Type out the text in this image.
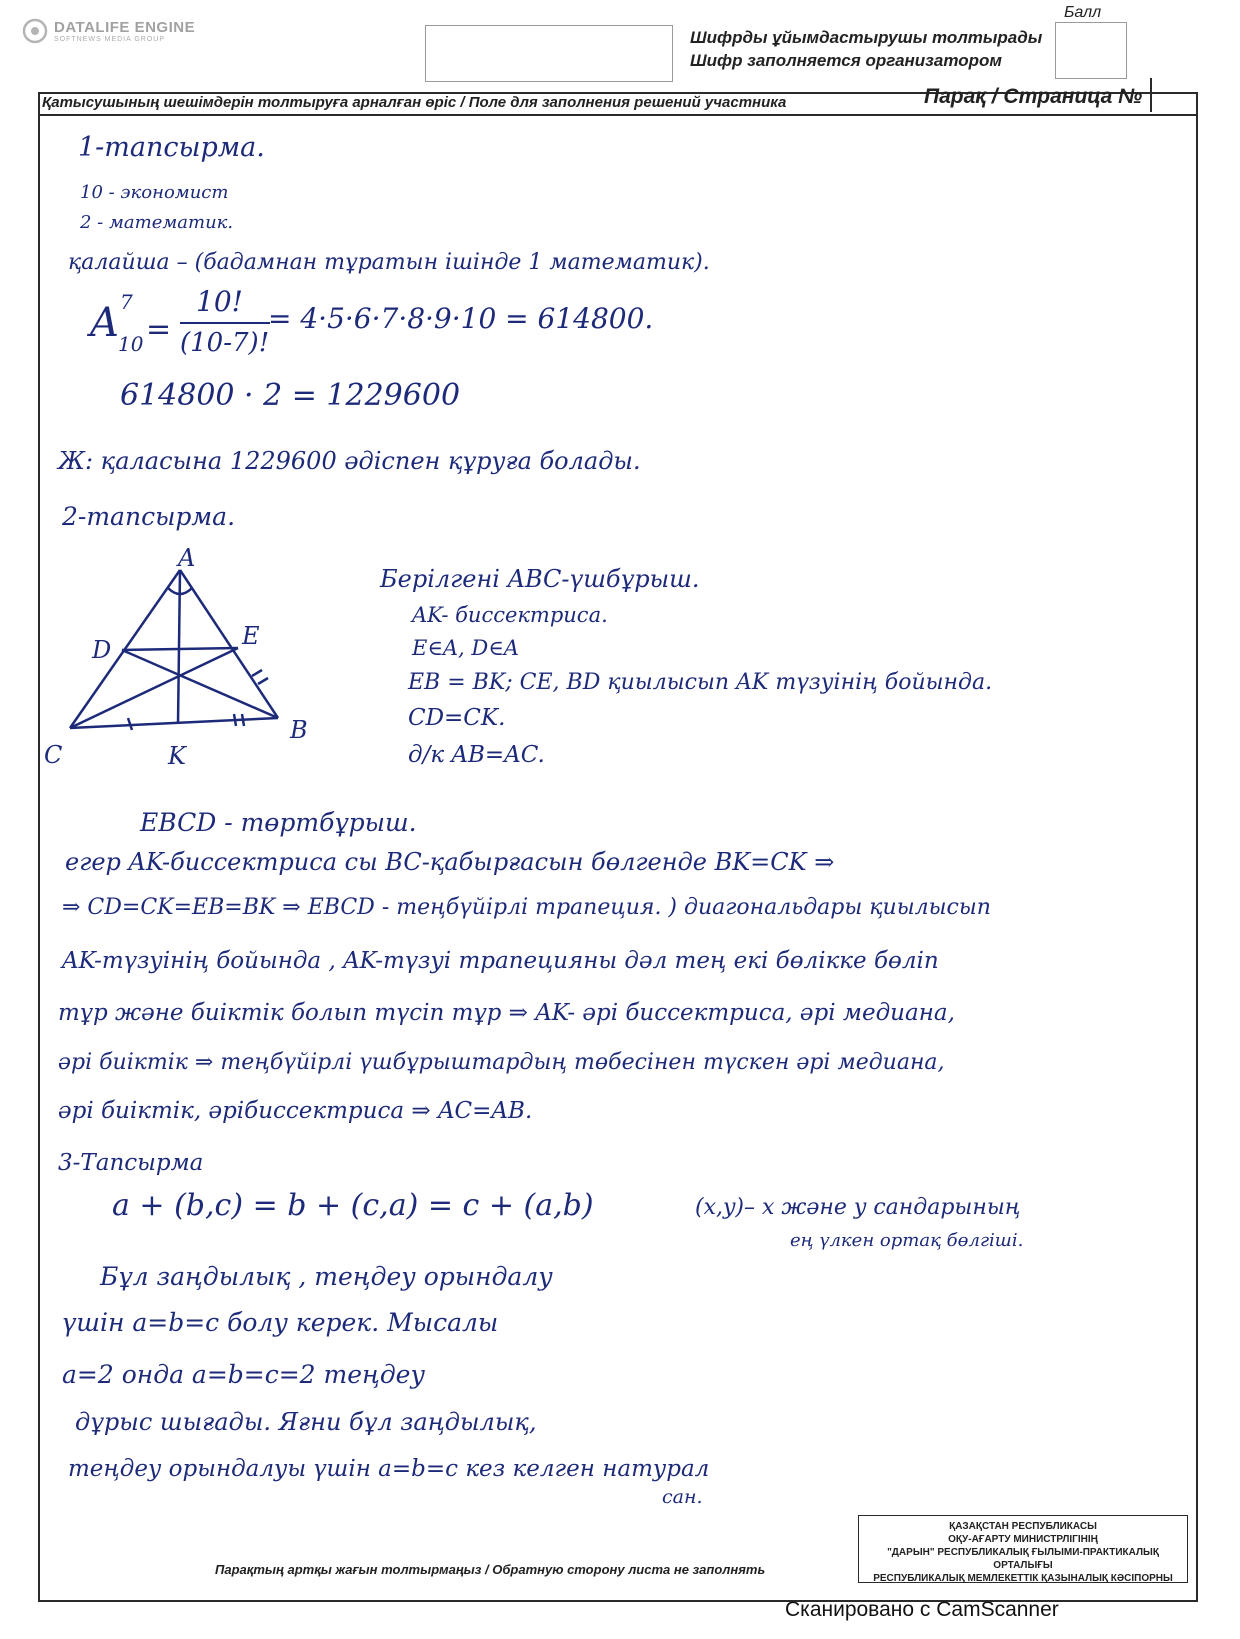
DATALIFE ENGINE
SOFTNEWS MEDIA GROUP	Шифрды ұйымдастырушы толтырады
Шифр заполняется организатором
Балл
Қатысушының шешімдерін толтыруға арналған өріс / Поле для заполнения решений участника	Парақ / Страница №
1-тапсырма.
10 - экономист
2 - математик.
қалайша – (бадамнан тұратын ішінде 1 математик).
A 7
10 =
10!
(10-7)!
= 4·5·6·7·8·9·10 = 614800.
614800 · 2 = 1229600
Ж: қаласына 1229600 әдіспен құруға болады.
2-тапсырма.
A
B
C
D	E
K
Берілгені ABC-үшбұрыш.
AK- биссектриса.
E∈A, D∈A
EB = BK; CE, BD қиылысып AK түзуінің бойында.
CD=CK.
д/к AB=AC.
EBCD - төртбұрыш.
егер AK-биссектриса сы BC-қабырғасын бөлгенде BK=CK ⇒
⇒ CD=CK=EB=BK ⇒ EBCD - теңбүйірлі трапеция. ) диагональдары қиылысып
AK-түзуінің бойында , AK-түзуі трапецияны дәл тең екі бөлікке бөліп
тұр және биіктік болып түсіп тұр ⇒ AK- әрі биссектриса, әрі медиана,
әрі биіктік ⇒ теңбүйірлі үшбұрыштардың төбесінен түскен әрі медиана,
әрі биіктік, әрібиссектриса ⇒ AC=AB.
3-Тапсырма
a + (b,c) = b + (c,a) = c + (a,b)	(x,y)– x және y сандарының
ең үлкен ортақ бөлгіші.
Бұл заңдылық , теңдеу орындалу
үшін a=b=c болу керек. Мысалы
a=2 онда a=b=c=2 теңдеу
дұрыс шығады. Яғни бұл заңдылық,
теңдеу орындалуы үшін a=b=c кез келген натурал
сан.
Парақтың артқы жағын толтырмаңыз / Обратную сторону листа не заполнять
ҚАЗАҚСТАН РЕСПУБЛИКАСЫ
ОҚУ-АҒАРТУ МИНИСТРЛІГІНІҢ
"ДАРЫН" РЕСПУБЛИКАЛЫҚ ҒЫЛЫМИ-ПРАКТИКАЛЫҚ ОРТАЛЫҒЫ
РЕСПУБЛИКАЛЫҚ МЕМЛЕКЕТТІК ҚАЗЫНАЛЫҚ КӘСІПОРНЫ
Сканировано с CamScanner
